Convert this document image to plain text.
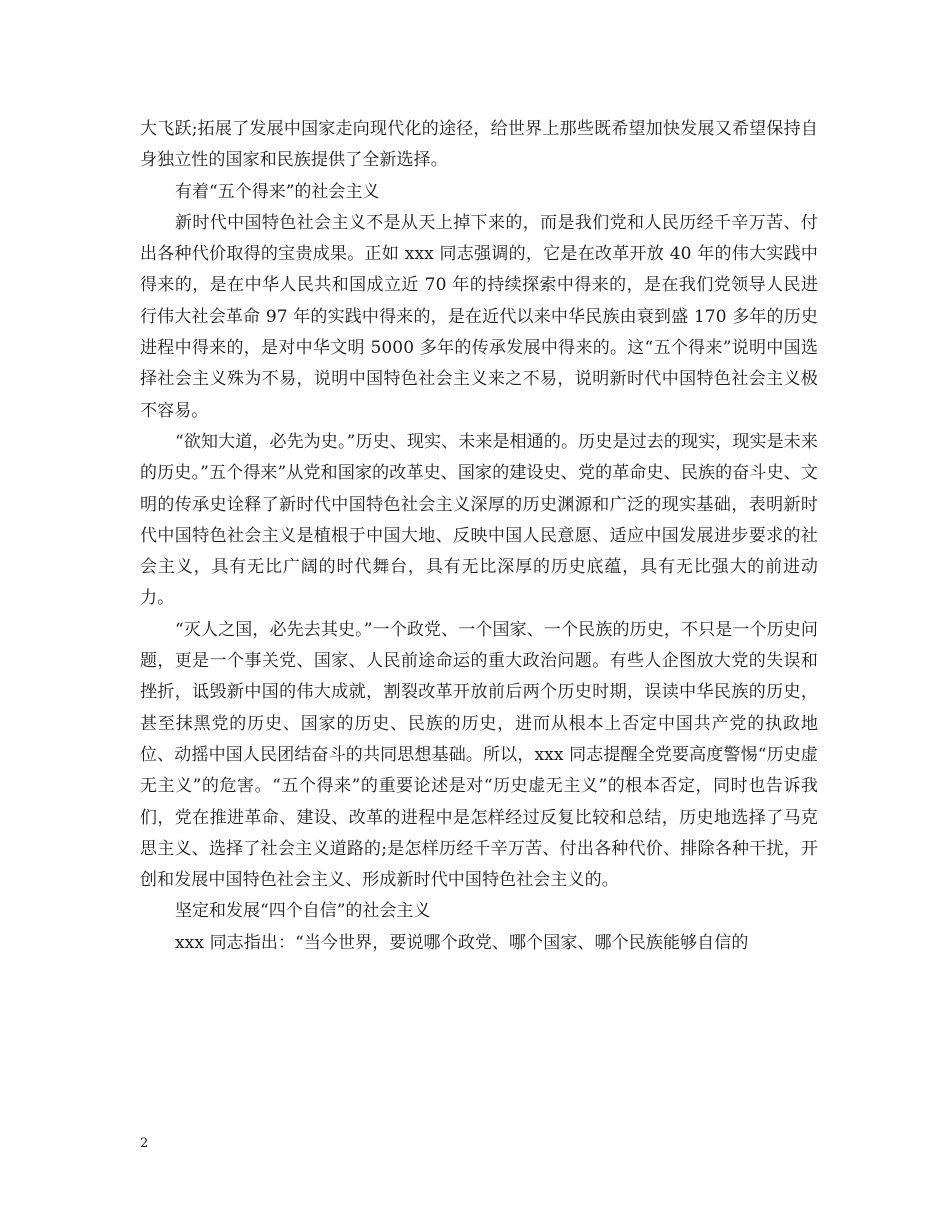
大飞跃;拓展了发展中国家走向现代化的途径，给世界上那些既希望加快发展又希望保持自身独立性的国家和民族提供了全新选择。

有着“五个得来”的社会主义

新时代中国特色社会主义不是从天上掉下来的，而是我们党和人民历经千辛万苦、付出各种代价取得的宝贵成果。正如 xxx 同志强调的，它是在改革开放 40 年的伟大实践中得来的，是在中华人民共和国成立近 70 年的持续探索中得来的，是在我们党领导人民进行伟大社会革命 97 年的实践中得来的，是在近代以来中华民族由衰到盛 170 多年的历史进程中得来的，是对中华文明 5000 多年的传承发展中得来的。这“五个得来”说明中国选择社会主义殊为不易，说明中国特色社会主义来之不易，说明新时代中国特色社会主义极不容易。

“欲知大道，必先为史。”历史、现实、未来是相通的。历史是过去的现实，现实是未来的历史。”五个得来”从党和国家的改革史、国家的建设史、党的革命史、民族的奋斗史、文明的传承史诠释了新时代中国特色社会主义深厚的历史渊源和广泛的现实基础，表明新时代中国特色社会主义是植根于中国大地、反映中国人民意愿、适应中国发展进步要求的社会主义，具有无比广阔的时代舞台，具有无比深厚的历史底蕴，具有无比强大的前进动力。

“灭人之国，必先去其史。”一个政党、一个国家、一个民族的历史，不只是一个历史问题，更是一个事关党、国家、人民前途命运的重大政治问题。有些人企图放大党的失误和挫折，诋毁新中国的伟大成就，割裂改革开放前后两个历史时期，误读中华民族的历史，甚至抹黑党的历史、国家的历史、民族的历史，进而从根本上否定中国共产党的执政地位、动摇中国人民团结奋斗的共同思想基础。所以，xxx 同志提醒全党要高度警惕“历史虚无主义”的危害。“五个得来”的重要论述是对“历史虚无主义”的根本否定，同时也告诉我们，党在推进革命、建设、改革的进程中是怎样经过反复比较和总结，历史地选择了马克思主义、选择了社会主义道路的;是怎样历经千辛万苦、付出各种代价、排除各种干扰，开创和发展中国特色社会主义、形成新时代中国特色社会主义的。

坚定和发展“四个自信”的社会主义

xxx 同志指出：“当今世界，要说哪个政党、哪个国家、哪个民族能够自信的

2
